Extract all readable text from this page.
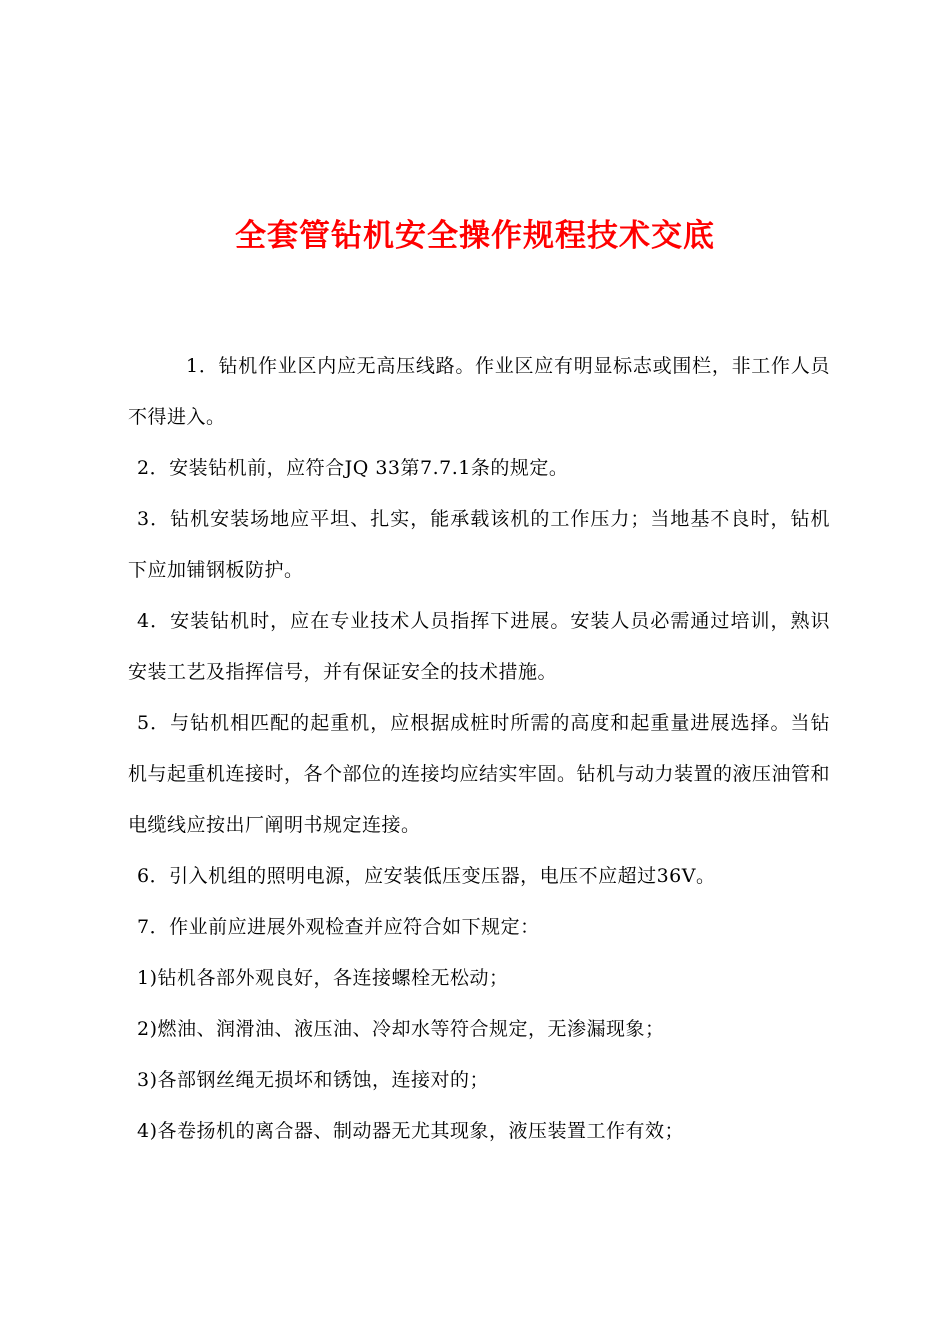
全套管钻机安全操作规程技术交底

1．钻机作业区内应无高压线路。作业区应有明显标志或围栏，非工作人员不得进入。

2．安装钻机前，应符合JQ 33第7.7.1条的规定。

3．钻机安装场地应平坦、扎实，能承载该机的工作压力；当地基不良时，钻机下应加铺钢板防护。

4．安装钻机时，应在专业技术人员指挥下进展。安装人员必需通过培训，熟识安装工艺及指挥信号，并有保证安全的技术措施。

5．与钻机相匹配的起重机，应根据成桩时所需的高度和起重量进展选择。当钻机与起重机连接时，各个部位的连接均应结实牢固。钻机与动力装置的液压油管和电缆线应按出厂阐明书规定连接。

6．引入机组的照明电源，应安装低压变压器，电压不应超过36V。

7．作业前应进展外观检查并应符合如下规定：

1)钻机各部外观良好，各连接螺栓无松动；

2)燃油、润滑油、液压油、冷却水等符合规定，无渗漏现象；

3)各部钢丝绳无损坏和锈蚀，连接对的；

4)各卷扬机的离合器、制动器无尤其现象，液压装置工作有效；
